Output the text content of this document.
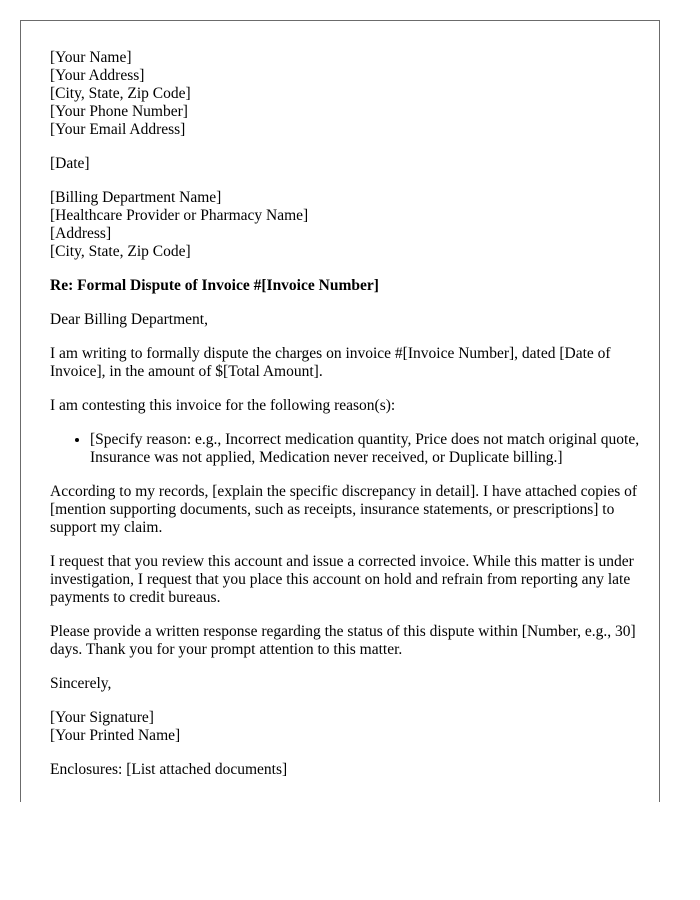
[Your Name]
[Your Address]
[City, State, Zip Code]
[Your Phone Number]
[Your Email Address]
[Date]
[Billing Department Name]
[Healthcare Provider or Pharmacy Name]
[Address]
[City, State, Zip Code]

Re: Formal Dispute of Invoice #[Invoice Number]

Dear Billing Department,

I am writing to formally dispute the charges on invoice #[Invoice Number], dated [Date of Invoice], in the amount of $[Total Amount].

I am contesting this invoice for the following reason(s):

• [Specify reason: e.g., Incorrect medication quantity, Price does not match original quote, Insurance was not applied, Medication never received, or Duplicate billing.]

According to my records, [explain the specific discrepancy in detail]. I have attached copies of [mention supporting documents, such as receipts, insurance statements, or prescriptions] to support my claim.

I request that you review this account and issue a corrected invoice. While this matter is under investigation, I request that you place this account on hold and refrain from reporting any late payments to credit bureaus.

Please provide a written response regarding the status of this dispute within [Number, e.g., 30] days. Thank you for your prompt attention to this matter.

Sincerely,

[Your Signature]
[Your Printed Name]

Enclosures: [List attached documents]
